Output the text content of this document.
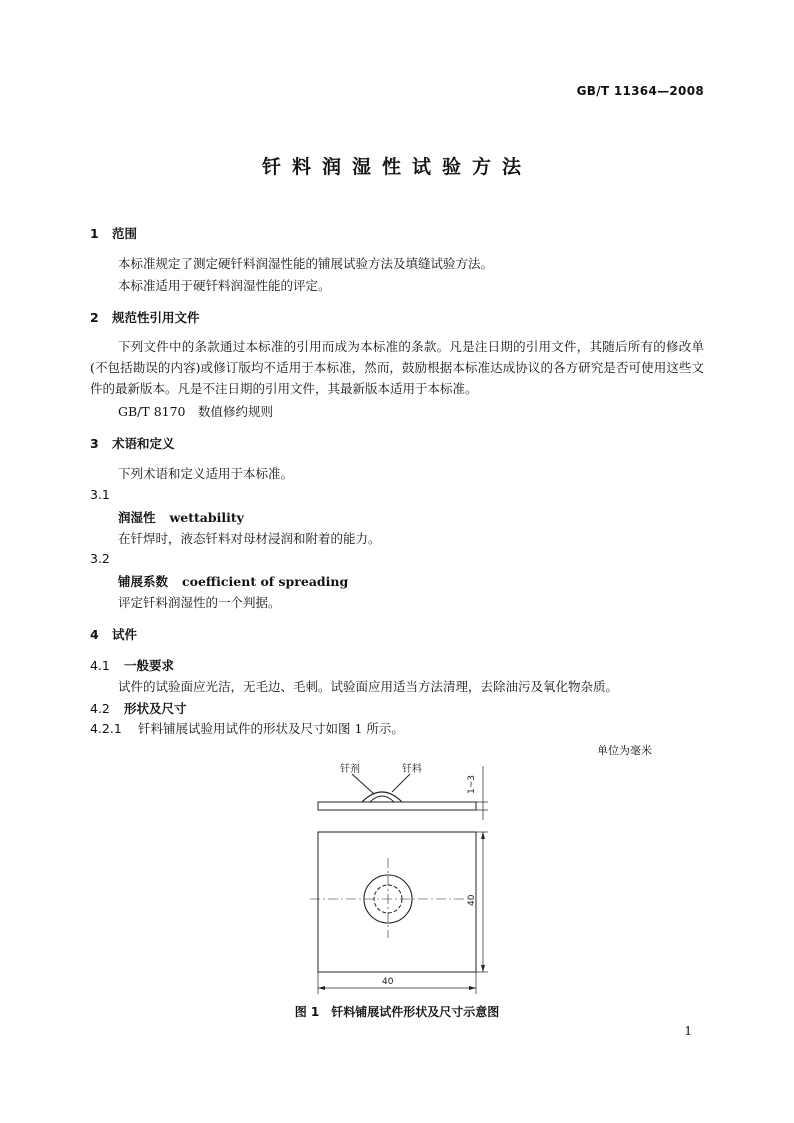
GB/T 11364—2008
钎料润湿性试验方法
1 范围
本标准规定了测定硬钎料润湿性能的铺展试验方法及填缝试验方法。
本标准适用于硬钎料润湿性能的评定。
2 规范性引用文件
下列文件中的条款通过本标准的引用而成为本标准的条款。凡是注日期的引用文件，其随后所有的修改单(不包括勘误的内容)或修订版均不适用于本标准，然而，鼓励根据本标准达成协议的各方研究是否可使用这些文件的最新版本。凡是不注日期的引用文件，其最新版本适用于本标准。
GB/T 8170　数值修约规则
3 术语和定义
下列术语和定义适用于本标准。
3.1
润湿性 wettability
在钎焊时，液态钎料对母材浸润和附着的能力。
3.2
铺展系数 coefficient of spreading
评定钎料润湿性的一个判据。
4 试件
4.1 一般要求
试件的试验面应光洁，无毛边、毛刺。试验面应用适当方法清理，去除油污及氧化物杂质。
4.2 形状及尺寸
4.2.1 钎料铺展试验用试件的形状及尺寸如图 1 所示。
单位为毫米
钎剂	钎料
1~3
40
40
图 1　钎料铺展试件形状及尺寸示意图
1
